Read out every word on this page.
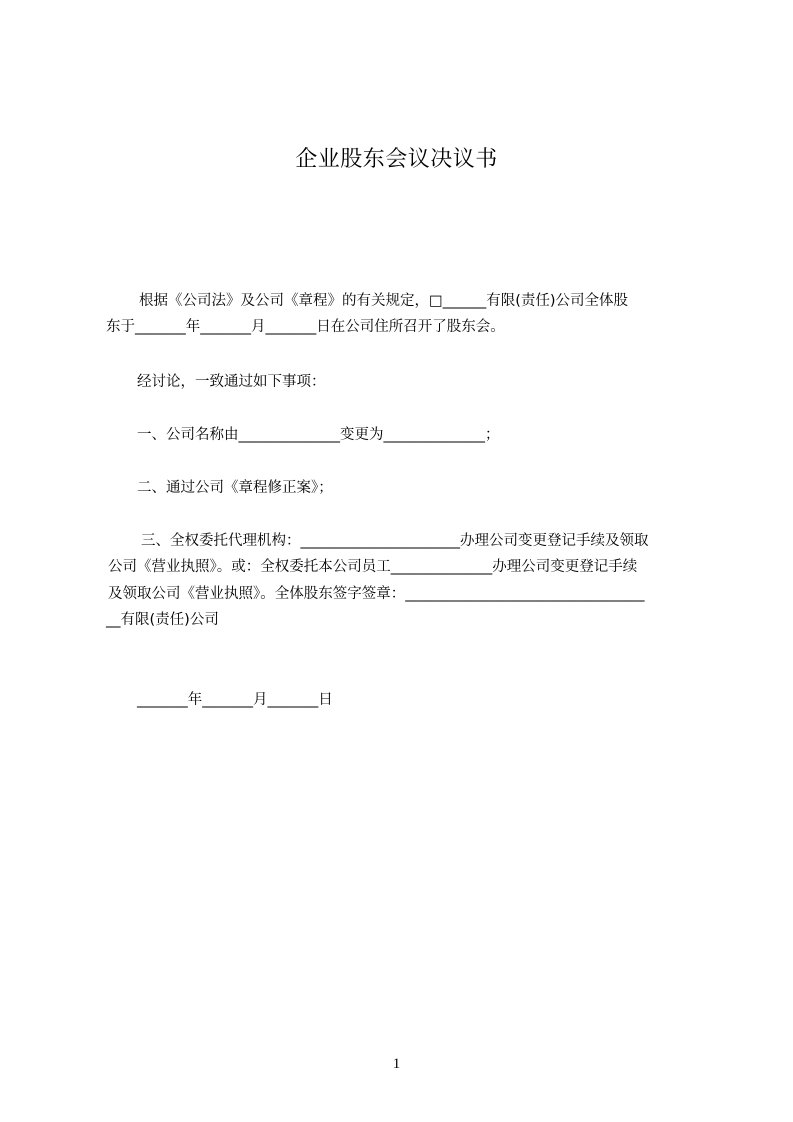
企业股东会议决议书
根据《公司法》及公司《章程》的有关规定，□______有限(责任)公司全体股
东于_______年_______月_______日在公司住所召开了股东会。
经讨论，一致通过如下事项：
一、公司名称由______________变更为______________；
二、通过公司《章程修正案》；
三、全权委托代理机构：______________________办理公司变更登记手续及领取
公司《营业执照》。或：全权委托本公司员工______________办理公司变更登记手续
及领取公司《营业执照》。全体股东签字签章：_________________________________
__有限(责任)公司
_______年_______月_______日
1
